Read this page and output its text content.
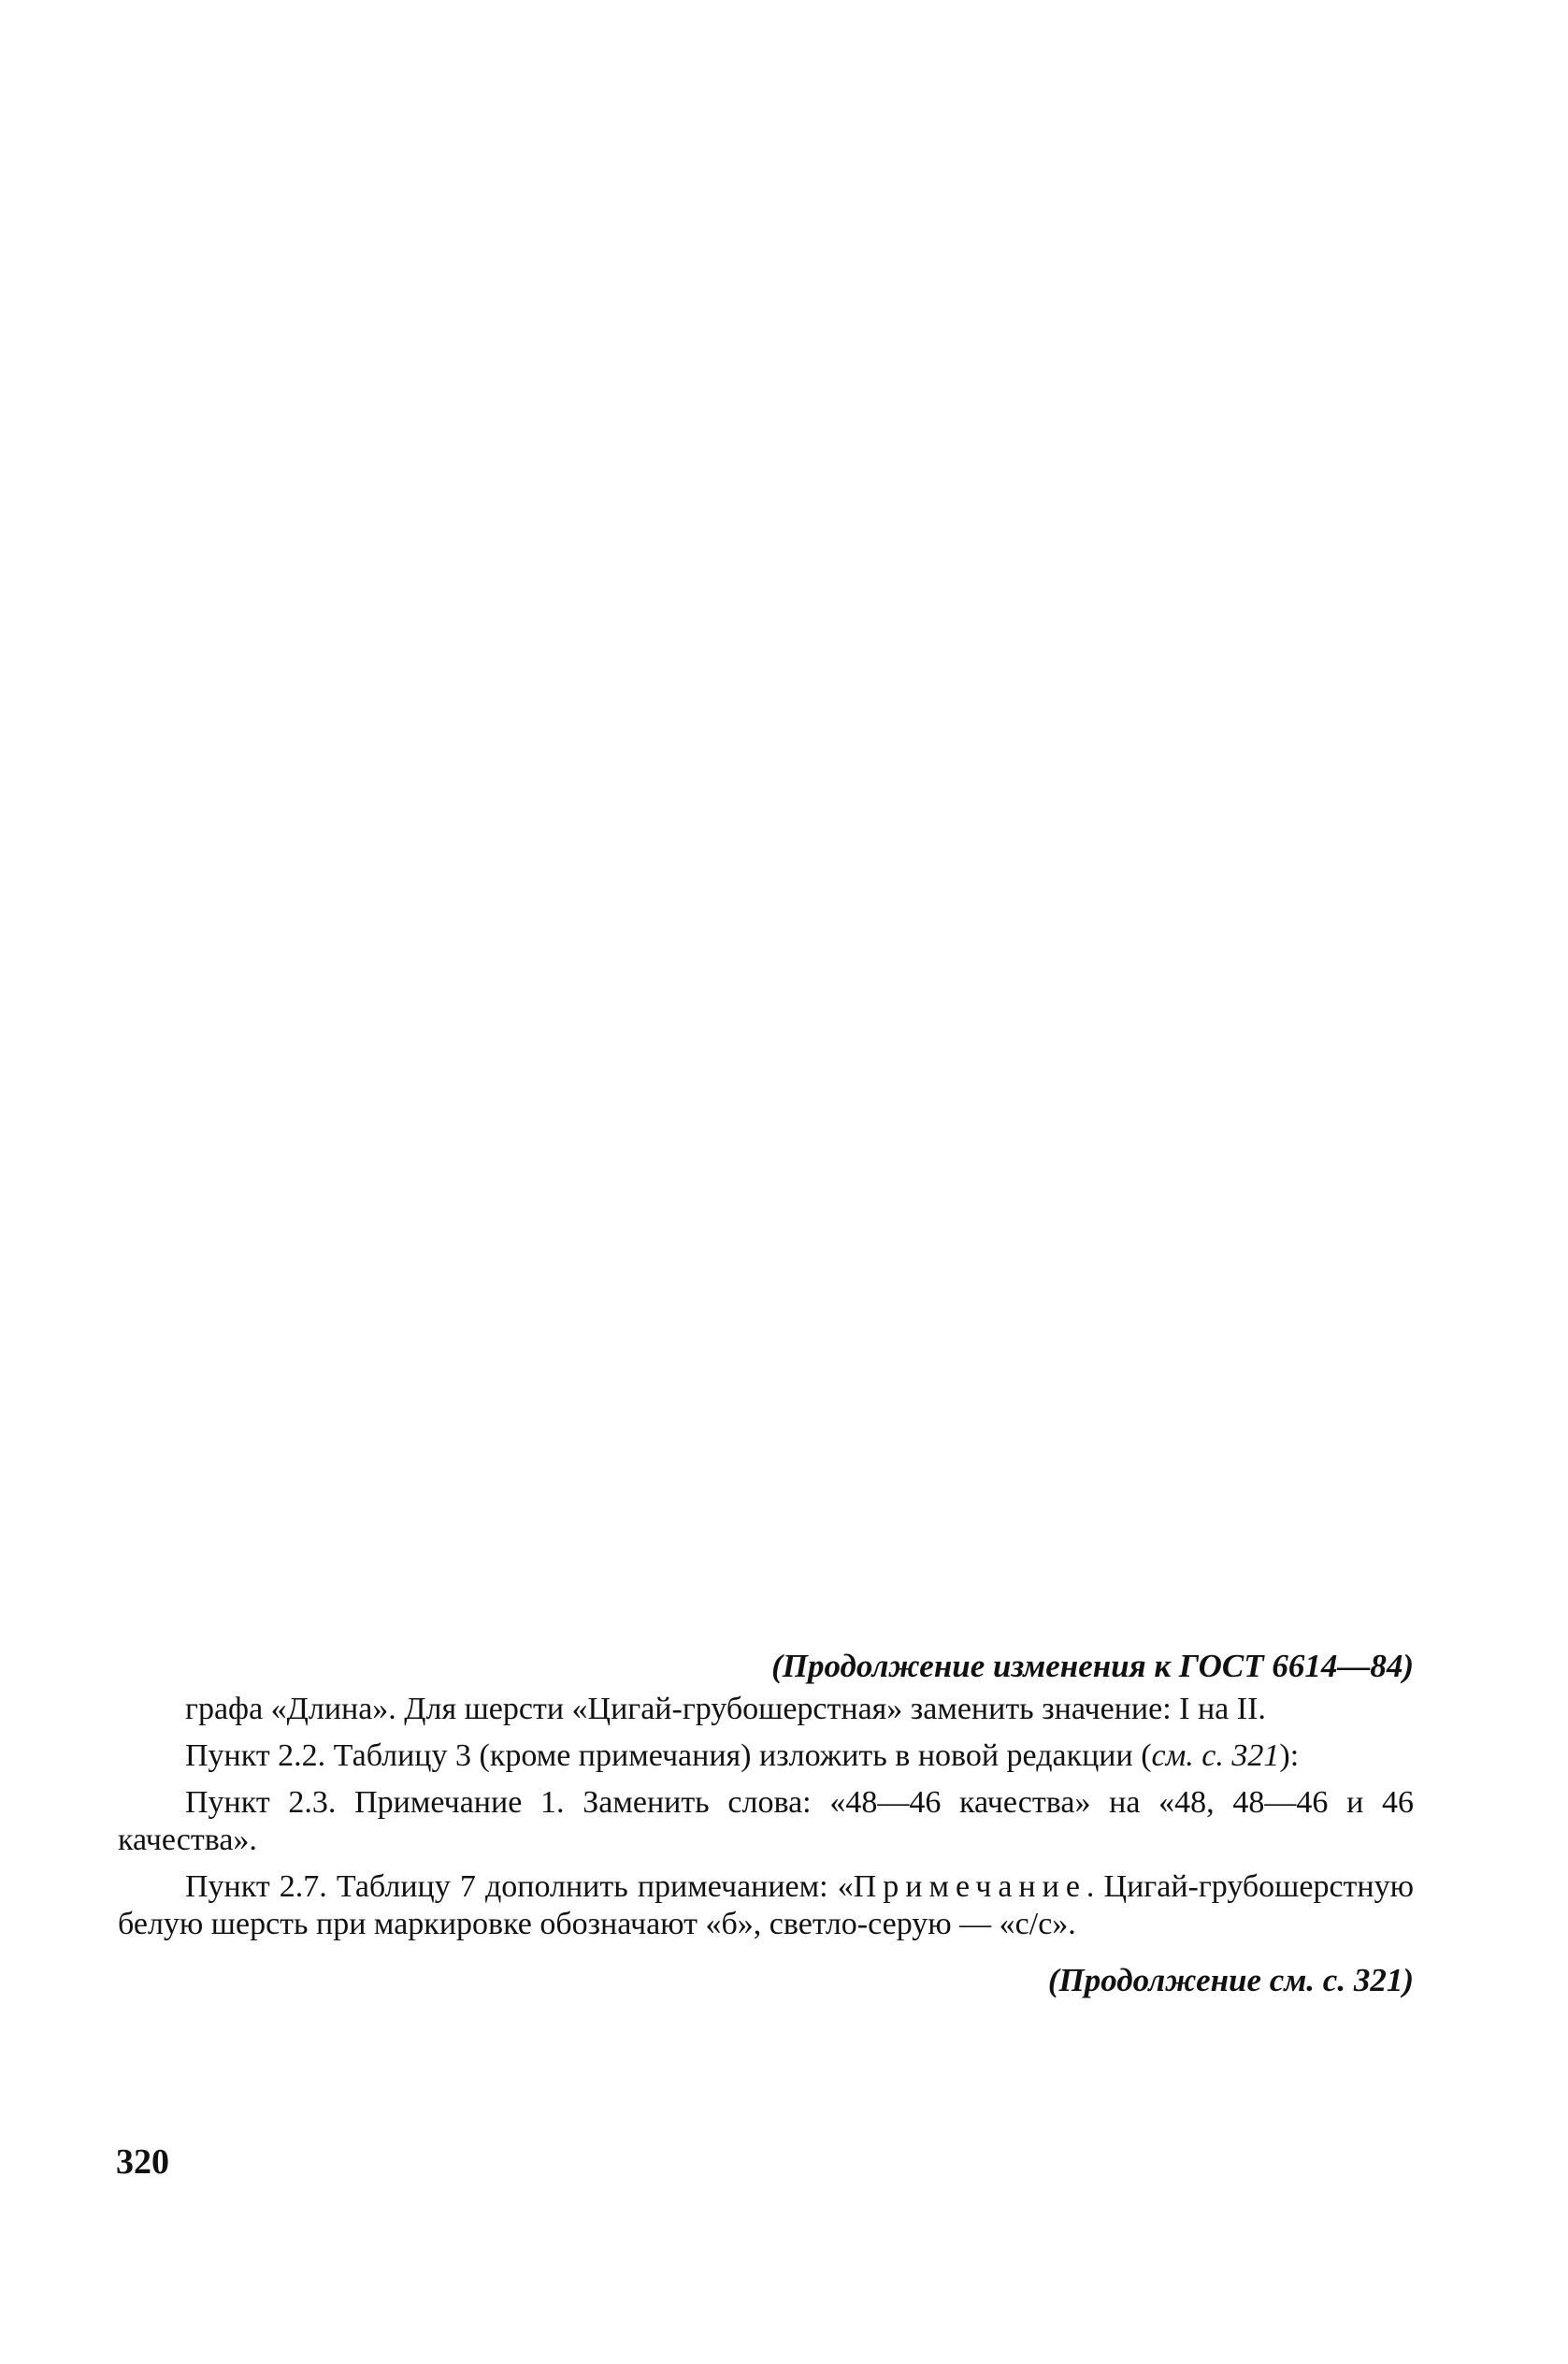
(Продолжение изменения к ГОСТ 6614—84)

графа «Длина». Для шерсти «Цигай-грубошерстная» заменить значение: I на II.

Пункт 2.2. Таблицу 3 (кроме примечания) изложить в новой редакции (см. с. 321):

Пункт 2.3. Примечание 1. Заменить слова: «48—46 качества» на «48, 48—46 и 46 качества».

Пункт 2.7. Таблицу 7 дополнить примечанием: «Примечание. Цигай-грубошерстную белую шерсть при маркировке обозначают «б», светло-серую — «с/с».

(Продолжение см. с. 321)

320
